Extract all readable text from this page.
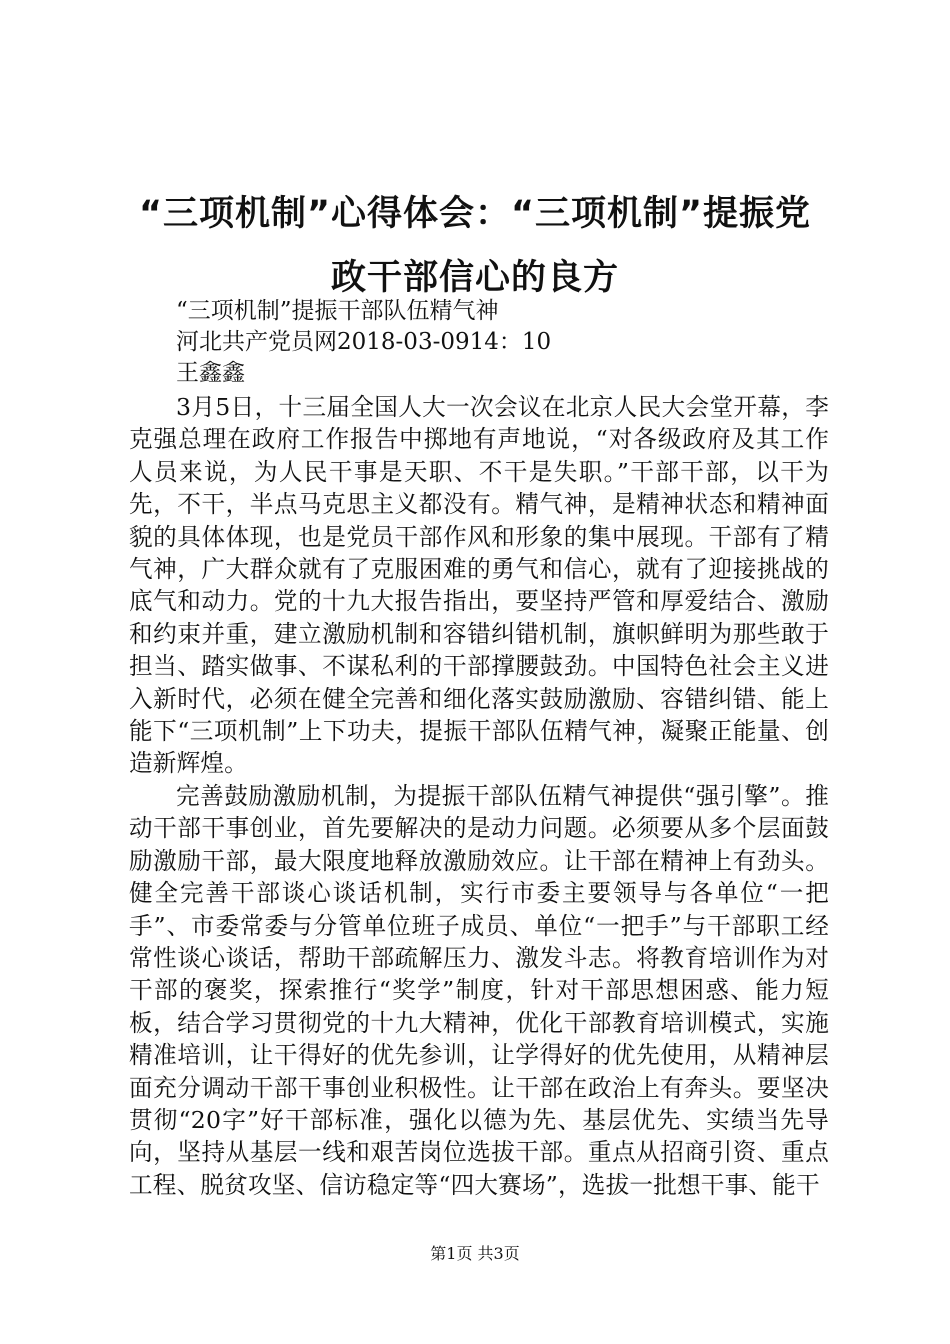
“三项机制”心得体会：“三项机制”提振党
政干部信心的良方
“三项机制”提振干部队伍精气神
河北共产党员网2018-03-0914：10
王鑫鑫

3月5日，十三届全国人大一次会议在北京人民大会堂开幕，李克强总理在政府工作报告中掷地有声地说，“对各级政府及其工作人员来说，为人民干事是天职、不干是失职。”干部干部，以干为先，不干，半点马克思主义都没有。精气神，是精神状态和精神面貌的具体体现，也是党员干部作风和形象的集中展现。干部有了精气神，广大群众就有了克服困难的勇气和信心，就有了迎接挑战的底气和动力。党的十九大报告指出，要坚持严管和厚爱结合、激励和约束并重，建立激励机制和容错纠错机制，旗帜鲜明为那些敢于担当、踏实做事、不谋私利的干部撑腰鼓劲。中国特色社会主义进入新时代，必须在健全完善和细化落实鼓励激励、容错纠错、能上能下“三项机制”上下功夫，提振干部队伍精气神，凝聚正能量、创造新辉煌。

完善鼓励激励机制，为提振干部队伍精气神提供“强引擎”。推动干部干事创业，首先要解决的是动力问题。必须要从多个层面鼓励激励干部，最大限度地释放激励效应。让干部在精神上有劲头。健全完善干部谈心谈话机制，实行市委主要领导与各单位“一把手”、市委常委与分管单位班子成员、单位“一把手”与干部职工经常性谈心谈话，帮助干部疏解压力、激发斗志。将教育培训作为对干部的褒奖，探索推行“奖学”制度，针对干部思想困惑、能力短板，结合学习贯彻党的十九大精神，优化干部教育培训模式，实施精准培训，让干得好的优先参训，让学得好的优先使用，从精神层面充分调动干部干事创业积极性。让干部在政治上有奔头。要坚决贯彻“20字”好干部标准，强化以德为先、基层优先、实绩当先导向，坚持从基层一线和艰苦岗位选拔干部。重点从招商引资、重点工程、脱贫攻坚、信访稳定等“四大赛场”，选拔一批想干事、能干

第1页 共3页
